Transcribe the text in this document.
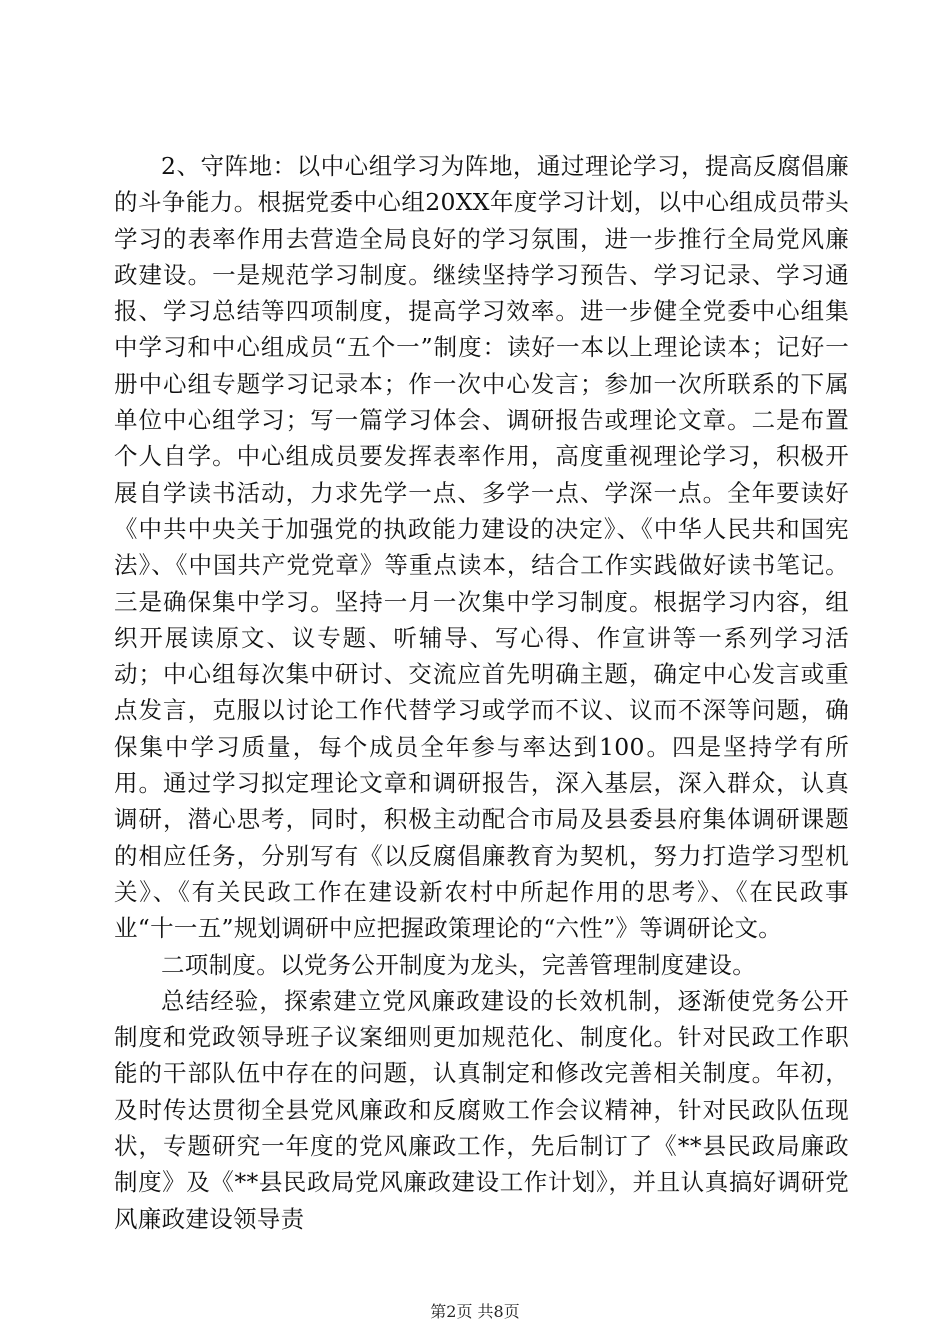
2、守阵地：以中心组学习为阵地，通过理论学习，提高反腐倡廉的斗争能力。根据党委中心组20XX年度学习计划，以中心组成员带头学习的表率作用去营造全局良好的学习氛围，进一步推行全局党风廉政建设。一是规范学习制度。继续坚持学习预告、学习记录、学习通报、学习总结等四项制度，提高学习效率。进一步健全党委中心组集中学习和中心组成员“五个一”制度：读好一本以上理论读本；记好一册中心组专题学习记录本；作一次中心发言；参加一次所联系的下属单位中心组学习；写一篇学习体会、调研报告或理论文章。二是布置个人自学。中心组成员要发挥表率作用，高度重视理论学习，积极开展自学读书活动，力求先学一点、多学一点、学深一点。全年要读好《中共中央关于加强党的执政能力建设的决定》、《中华人民共和国宪法》、《中国共产党党章》等重点读本，结合工作实践做好读书笔记。三是确保集中学习。坚持一月一次集中学习制度。根据学习内容，组织开展读原文、议专题、听辅导、写心得、作宣讲等一系列学习活动；中心组每次集中研讨、交流应首先明确主题，确定中心发言或重点发言，克服以讨论工作代替学习或学而不议、议而不深等问题，确保集中学习质量，每个成员全年参与率达到100。四是坚持学有所用。通过学习拟定理论文章和调研报告，深入基层，深入群众，认真调研，潜心思考，同时，积极主动配合市局及县委县府集体调研课题的相应任务，分别写有《以反腐倡廉教育为契机，努力打造学习型机关》、《有关民政工作在建设新农村中所起作用的思考》、《在民政事业“十一五”规划调研中应把握政策理论的“六性”》等调研论文。

二项制度。以党务公开制度为龙头，完善管理制度建设。

总结经验，探索建立党风廉政建设的长效机制，逐渐使党务公开制度和党政领导班子议案细则更加规范化、制度化。针对民政工作职能的干部队伍中存在的问题，认真制定和修改完善相关制度。年初，及时传达贯彻全县党风廉政和反腐败工作会议精神，针对民政队伍现状，专题研究一年度的党风廉政工作，先后制订了《**县民政局廉政制度》及《**县民政局党风廉政建设工作计划》，并且认真搞好调研党风廉政建设领导责

第2页 共8页
